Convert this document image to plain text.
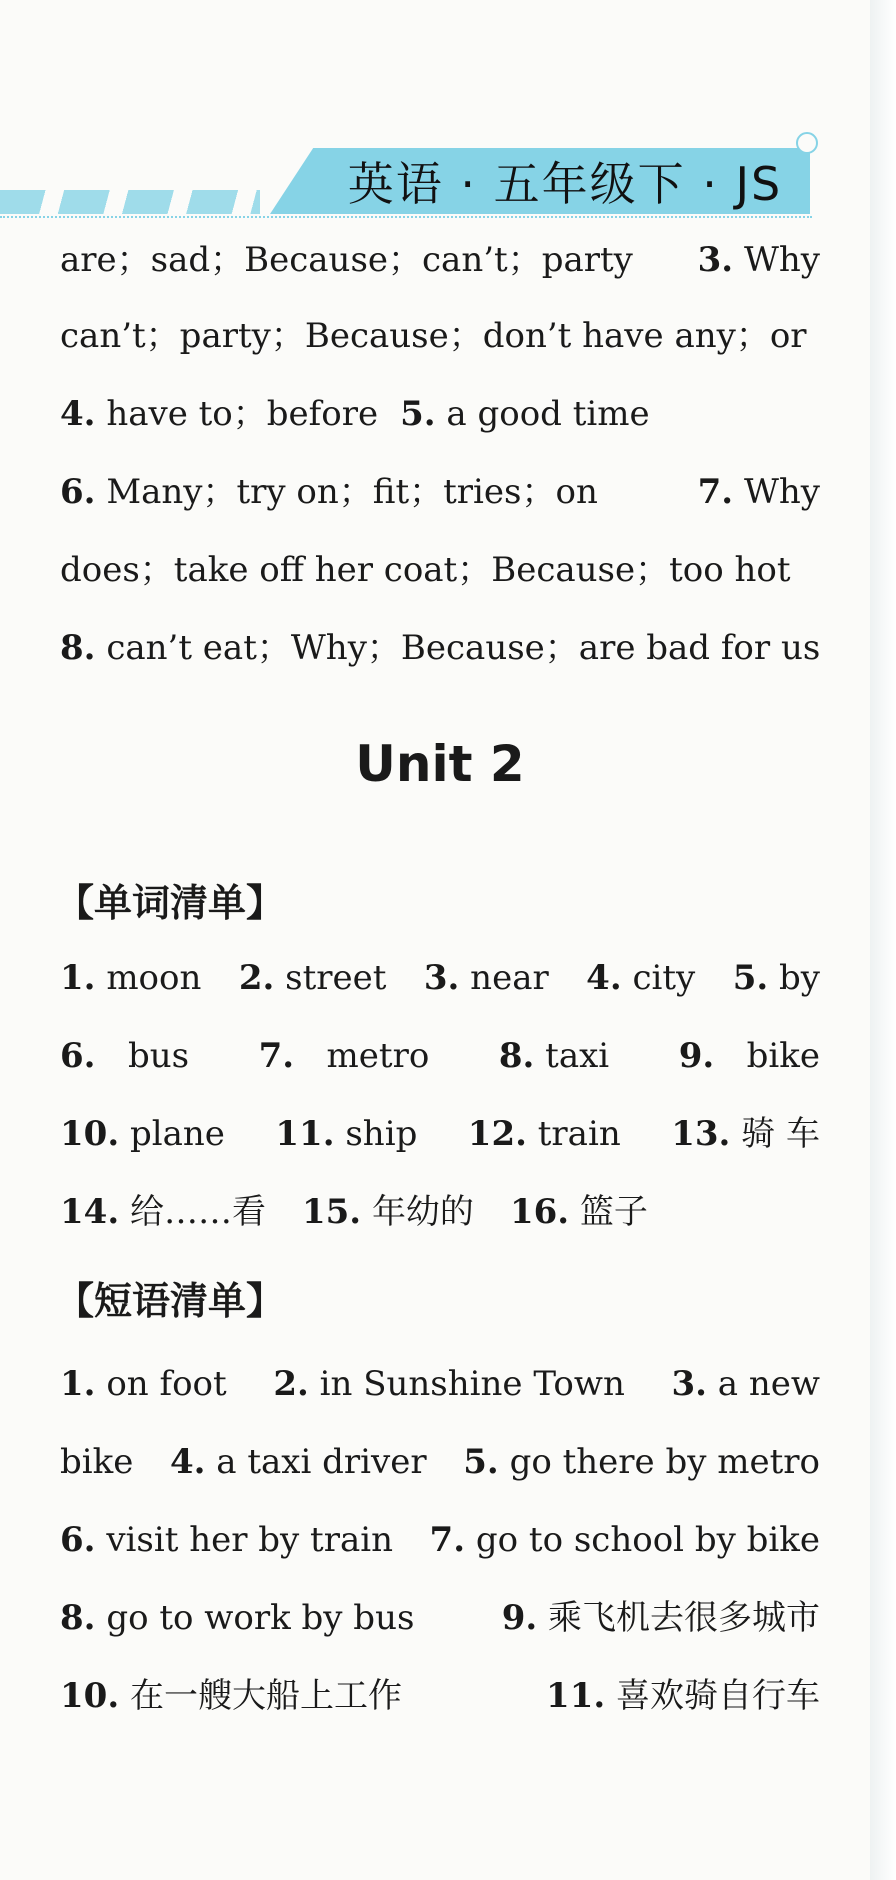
英语 · 五年级下 · JS
are；sad；Because；can’t；party 3. Why
can’t；party；Because；don’t have any；or
4. have to；before 5. a good time
6. Many；try on；fit；tries；on	7. Why
does；take off her coat；Because；too hot
8. can’t eat；Why；Because；are bad for us
Unit 2
【单词清单】
1. moon 2. street 3. near 4. city 5. by
6. bus 7. metro 8. taxi 9. bike
10. plane 11. ship 12. train 13. 骑 车
14. 给……看 15. 年幼的 16. 篮子
【短语清单】
1. on foot 2. in Sunshine Town 3. a new
bike 4. a taxi driver 5. go there by metro
6. visit her by train 7. go to school by bike
8. go to work by bus	9. 乘飞机去很多城市
10. 在一艘大船上工作	11. 喜欢骑自行车
